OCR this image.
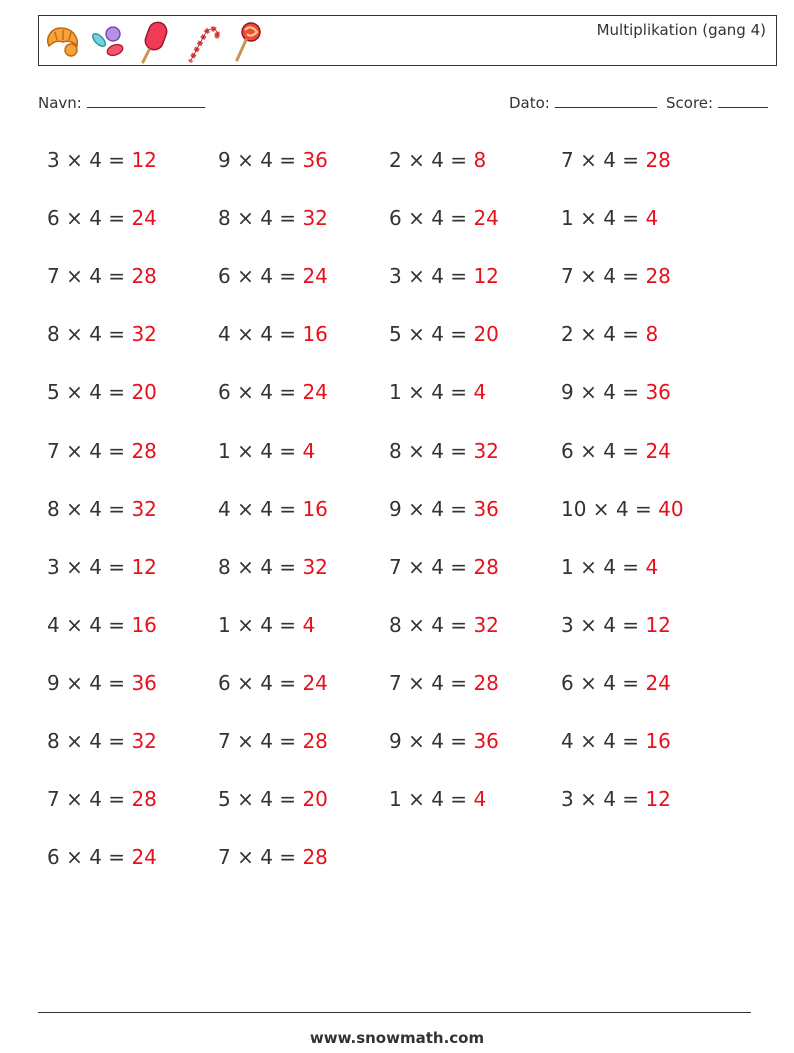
Multiplikation (gang 4)
Navn:	Dato:	Score:
3 × 4 = 12
6 × 4 = 24
7 × 4 = 28
8 × 4 = 32
5 × 4 = 20
7 × 4 = 28
8 × 4 = 32
3 × 4 = 12
4 × 4 = 16
9 × 4 = 36
8 × 4 = 32
7 × 4 = 28
6 × 4 = 24
9 × 4 = 36
8 × 4 = 32
6 × 4 = 24
4 × 4 = 16
6 × 4 = 24
1 × 4 = 4
4 × 4 = 16
8 × 4 = 32
1 × 4 = 4
6 × 4 = 24
7 × 4 = 28
5 × 4 = 20
7 × 4 = 28
2 × 4 = 8
6 × 4 = 24
3 × 4 = 12
5 × 4 = 20
1 × 4 = 4
8 × 4 = 32
9 × 4 = 36
7 × 4 = 28
8 × 4 = 32
7 × 4 = 28
9 × 4 = 36
1 × 4 = 4
7 × 4 = 28
1 × 4 = 4
7 × 4 = 28
2 × 4 = 8
9 × 4 = 36
6 × 4 = 24
10 × 4 = 40
1 × 4 = 4
3 × 4 = 12
6 × 4 = 24
4 × 4 = 16
3 × 4 = 12
www.snowmath.com
